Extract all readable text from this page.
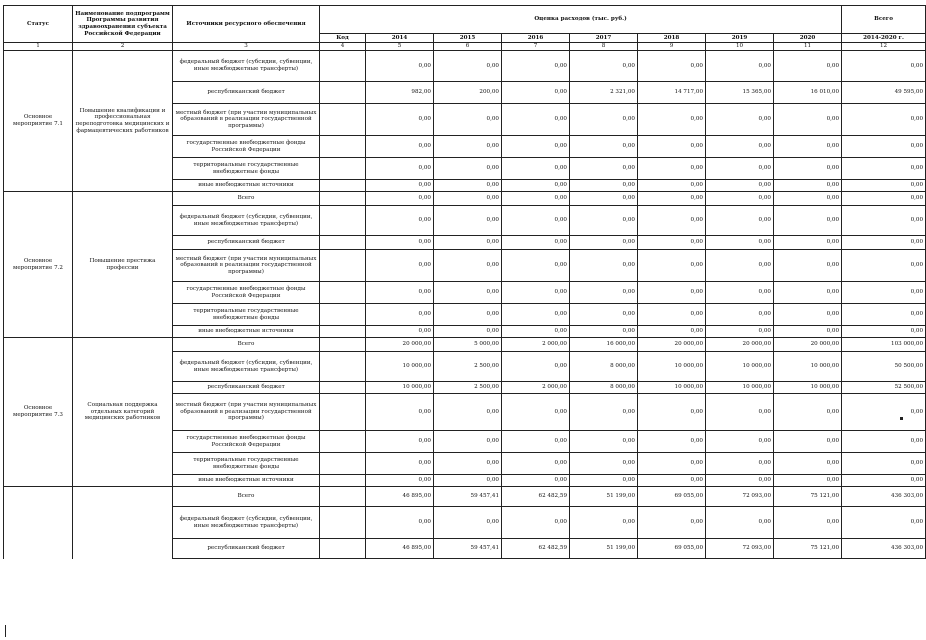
Статус	Наименование подпрограмм Программы развития здравоохранения субъекта Российской Федерации	Источники ресурсного обеспечения	Оценка расходов (тыс. руб.)								Всего
			Код	2014	2015	2016	2017	2018	2019	2020	2014-2020 г.
1	2	3	4	5	6	7	8	9	10	11	12
Основное мероприятие 7.1	Повышение квалификации и профессиональная переподготовка медицинских и фармацевтических работников	федеральный бюджет (субсидии, субвенции, иные межбюджетные трансферты)		0,00	0,00	0,00	0,00	0,00	0,00	0,00	0,00
		республиканский бюджет		982,00	200,00	0,00	2 321,00	14 717,00	15 365,00	16 010,00	49 595,00
		местный бюджет (при участии муниципальных образований в реализации государственной программы)		0,00	0,00	0,00	0,00	0,00	0,00	0,00	0,00
		государственные внебюджетные фонды Российской Федерации		0,00	0,00	0,00	0,00	0,00	0,00	0,00	0,00
		территориальные государственные внебюджетные фонды		0,00	0,00	0,00	0,00	0,00	0,00	0,00	0,00
		иные внебюджетные источники		0,00	0,00	0,00	0,00	0,00	0,00	0,00	0,00
Основное мероприятие 7.2	Повышение престижа профессии	Всего		0,00	0,00	0,00	0,00	0,00	0,00	0,00	0,00
		федеральный бюджет (субсидии, субвенции, иные межбюджетные трансферты)		0,00	0,00	0,00	0,00	0,00	0,00	0,00	0,00
		республиканский бюджет		0,00	0,00	0,00	0,00	0,00	0,00	0,00	0,00
		местный бюджет (при участии муниципальных образований в реализации государственной программы)		0,00	0,00	0,00	0,00	0,00	0,00	0,00	0,00
		государственные внебюджетные фонды Российской Федерации		0,00	0,00	0,00	0,00	0,00	0,00	0,00	0,00
		территориальные государственные внебюджетные фонды		0,00	0,00	0,00	0,00	0,00	0,00	0,00	0,00
		иные внебюджетные источники		0,00	0,00	0,00	0,00	0,00	0,00	0,00	0,00
Основное мероприятие 7.3	Социальная поддержка отдельных категорий медицинских работников	Всего		20 000,00	5 000,00	2 000,00	16 000,00	20 000,00	20 000,00	20 000,00	103 000,00
		федеральный бюджет (субсидии, субвенции, иные межбюджетные трансферты)		10 000,00	2 500,00	0,00	8 000,00	10 000,00	10 000,00	10 000,00	50 500,00
		республиканский бюджет		10 000,00	2 500,00	2 000,00	8 000,00	10 000,00	10 000,00	10 000,00	52 500,00
		местный бюджет (при участии муниципальных образований в реализации государственной программы)		0,00	0,00	0,00	0,00	0,00	0,00	0,00	0,00
		государственные внебюджетные фонды Российской Федерации		0,00	0,00	0,00	0,00	0,00	0,00	0,00	0,00
		территориальные государственные внебюджетные фонды		0,00	0,00	0,00	0,00	0,00	0,00	0,00	0,00
		иные внебюджетные источники		0,00	0,00	0,00	0,00	0,00	0,00	0,00	0,00
		Всего		46 895,00	59 457,41	62 482,59	51 199,00	69 055,00	72 093,00	75 121,00	436 303,00
		федеральный бюджет (субсидии, субвенции, иные межбюджетные трансферты)		0,00	0,00	0,00	0,00	0,00	0,00	0,00	0,00
		республиканский бюджет		46 895,00	59 457,41	62 482,59	51 199,00	69 055,00	72 093,00	75 121,00	436 303,00
